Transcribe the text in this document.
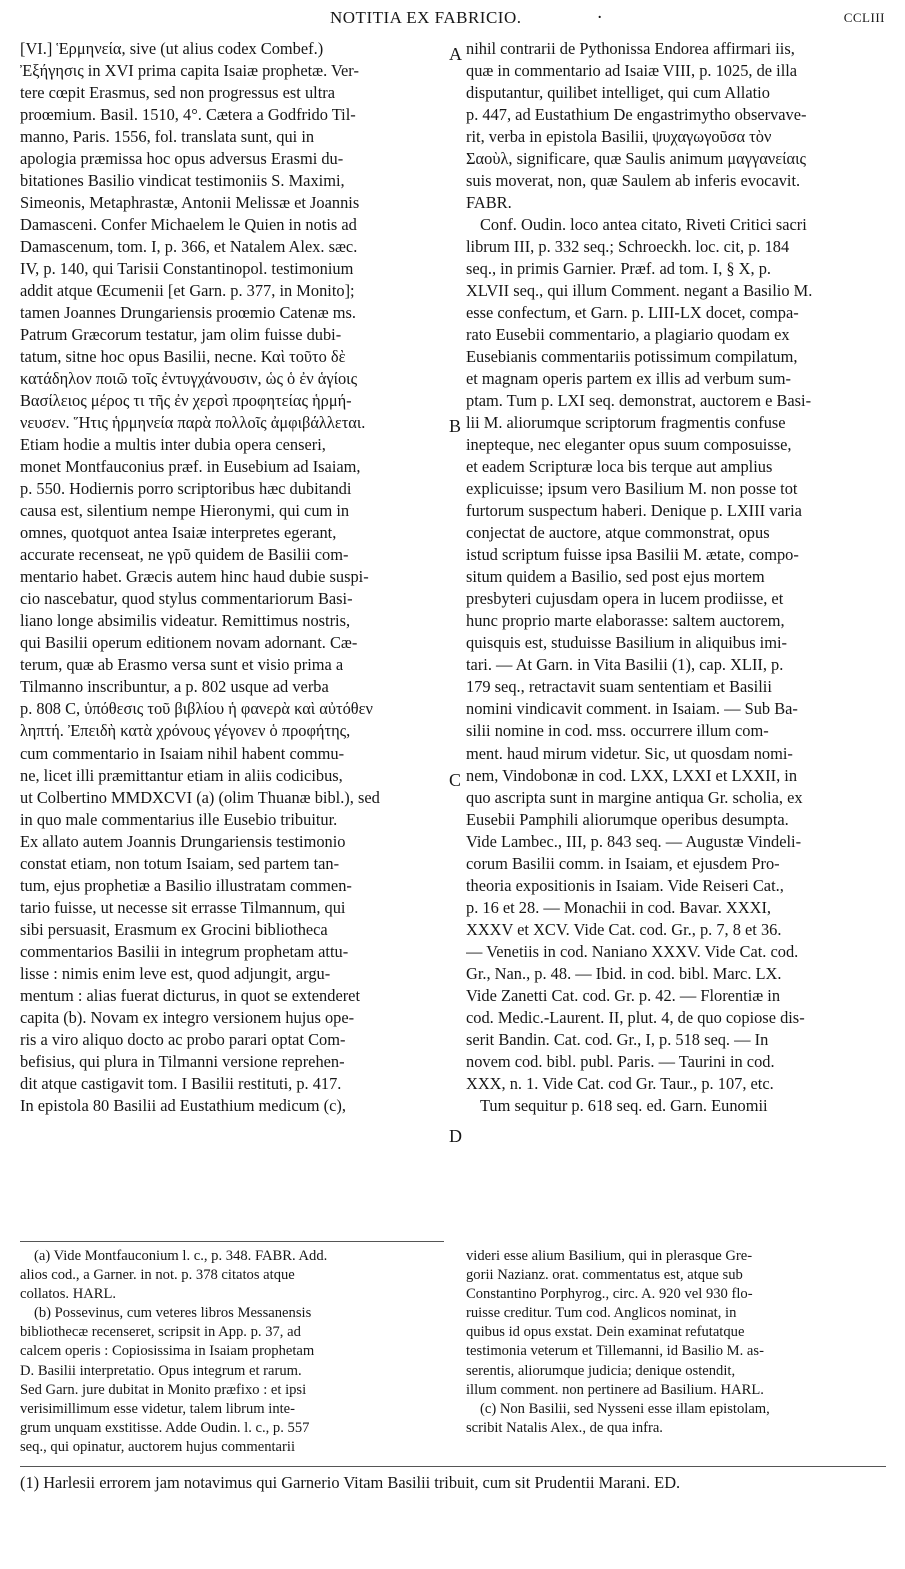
NOTITIA EX FABRICIO.	·	CCLIII
[VI.] Ἑρμηνεία, sive (ut alius codex Combef.)
Ἐξήγησις in XVI prima capita Isaiæ prophetæ. Ver-
tere cœpit Erasmus, sed non progressus est ultra
proœmium. Basil. 1510, 4°. Cætera a Godfrido Til-
manno, Paris. 1556, fol. translata sunt, qui in
apologia præmissa hoc opus adversus Erasmi du-
bitationes Basilio vindicat testimoniis S. Maximi,
Simeonis, Metaphrastæ, Antonii Melissæ et Joannis
Damasceni. Confer Michaelem le Quien in notis ad
Damascenum, tom. I, p. 366, et Natalem Alex. sæc.
IV, p. 140, qui Tarisii Constantinopol. testimonium
addit atque Œcumenii [et Garn. p. 377, in Monito];
tamen Joannes Drungariensis proœmio Catenæ ms.
Patrum Græcorum testatur, jam olim fuisse dubi-
tatum, sitne hoc opus Basilii, necne. Καὶ τοῦτο δὲ
κατάδηλον ποιῶ τοῖς ἐντυγχάνουσιν, ὡς ὁ ἐν ἁγίοις
Βασίλειος μέρος τι τῆς ἐν χερσὶ προφητείας ἡρμή-
νευσεν. Ἥτις ἡρμηνεία παρὰ πολλοῖς ἀμφιβάλλεται.
Etiam hodie a multis inter dubia opera censeri,
monet Montfauconius præf. in Eusebium ad Isaiam,
p. 550. Hodiernis porro scriptoribus hæc dubitandi
causa est, silentium nempe Hieronymi, qui cum in
omnes, quotquot antea Isaiæ interpretes egerant,
accurate recenseat, ne γρῦ quidem de Basilii com-
mentario habet. Græcis autem hinc haud dubie suspi-
cio nascebatur, quod stylus commentariorum Basi-
liano longe absimilis videatur. Remittimus nostris,
qui Basilii operum editionem novam adornant. Cæ-
terum, quæ ab Erasmo versa sunt et visio prima a
Tilmanno inscribuntur, a p. 802 usque ad verba
p. 808 C, ὑπόθεσις τοῦ βιβλίου ἡ φανερὰ καὶ αὐτόθεν
ληπτή. Ἐπειδὴ κατὰ χρόνους γέγονεν ὁ προφήτης,
cum commentario in Isaiam nihil habent commu-
ne, licet illi præmittantur etiam in aliis codicibus,
ut Colbertino MMDXCVI (a) (olim Thuanæ bibl.), sed
in quo male commentarius ille Eusebio tribuitur.
Ex allato autem Joannis Drungariensis testimonio
constat etiam, non totum Isaiam, sed partem tan-
tum, ejus prophetiæ a Basilio illustratam commen-
tario fuisse, ut necesse sit errasse Tilmannum, qui
sibi persuasit, Erasmum ex Grocini bibliotheca
commentarios Basilii in integrum prophetam attu-
lisse : nimis enim leve est, quod adjungit, argu-
mentum : alias fuerat dicturus, in quot se extenderet
capita (b). Novam ex integro versionem hujus ope-
ris a viro aliquo docto ac probo parari optat Com-
befisius, qui plura in Tilmanni versione reprehen-
dit atque castigavit tom. I Basilii restituti, p. 417.
In epistola 80 Basilii ad Eustathium medicum (c),
nihil contrarii de Pythonissa Endorea affirmari iis,
quæ in commentario ad Isaiæ VIII, p. 1025, de illa
disputantur, quilibet intelliget, qui cum Allatio
p. 447, ad Eustathium De engastrimytho observave-
rit, verba in epistola Basilii, ψυχαγωγοῦσα τὸν
Σαοὺλ, significare, quæ Saulis animum μαγγανείαις
suis moverat, non, quæ Saulem ab inferis evocavit.
FABR.
Conf. Oudin. loco antea citato, Riveti Critici sacri
librum III, p. 332 seq.; Schroeckh. loc. cit, p. 184
seq., in primis Garnier. Præf. ad tom. I, § X, p.
XLVII seq., qui illum Comment. negant a Basilio M.
esse confectum, et Garn. p. LIII-LX docet, compa-
rato Eusebii commentario, a plagiario quodam ex
Eusebianis commentariis potissimum compilatum,
et magnam operis partem ex illis ad verbum sum-
ptam. Tum p. LXI seq. demonstrat, auctorem e Basi-
lii M. aliorumque scriptorum fragmentis confuse
inepteque, nec eleganter opus suum composuisse,
et eadem Scripturæ loca bis terque aut amplius
explicuisse; ipsum vero Basilium M. non posse tot
furtorum suspectum haberi. Denique p. LXIII varia
conjectat de auctore, atque commonstrat, opus
istud scriptum fuisse ipsa Basilii M. ætate, compo-
situm quidem a Basilio, sed post ejus mortem
presbyteri cujusdam opera in lucem prodiisse, et
hunc proprio marte elaborasse: saltem auctorem,
quisquis est, studuisse Basilium in aliquibus imi-
tari. — At Garn. in Vita Basilii (1), cap. XLII, p.
179 seq., retractavit suam sententiam et Basilii
nomini vindicavit comment. in Isaiam. — Sub Ba-
silii nomine in cod. mss. occurrere illum com-
ment. haud mirum videtur. Sic, ut quosdam nomi-
nem, Vindobonæ in cod. LXX, LXXI et LXXII, in
quo ascripta sunt in margine antiqua Gr. scholia, ex
Eusebii Pamphili aliorumque operibus desumpta.
Vide Lambec., III, p. 843 seq. — Augustæ Vindeli-
corum Basilii comm. in Isaiam, et ejusdem Pro-
theoria expositionis in Isaiam. Vide Reiseri Cat.,
p. 16 et 28. — Monachii in cod. Bavar. XXXI,
XXXV et XCV. Vide Cat. cod. Gr., p. 7, 8 et 36.
— Venetiis in cod. Naniano XXXV. Vide Cat. cod.
Gr., Nan., p. 48. — Ibid. in cod. bibl. Marc. LX.
Vide Zanetti Cat. cod. Gr. p. 42. — Florentiæ in
cod. Medic.-Laurent. II, plut. 4, de quo copiose dis-
serit Bandin. Cat. cod. Gr., I, p. 518 seq. — In
novem cod. bibl. publ. Paris. — Taurini in cod.
XXX, n. 1. Vide Cat. cod Gr. Taur., p. 107, etc.
Tum sequitur p. 618 seq. ed. Garn. Eunomii
A
B
C
D
(a) Vide Montfauconium l. c., p. 348. FABR. Add.
alios cod., a Garner. in not. p. 378 citatos atque
collatos. HARL.
(b) Possevinus, cum veteres libros Messanensis
bibliothecæ recenseret, scripsit in App. p. 37, ad
calcem operis : Copiosissima in Isaiam prophetam
D. Basilii interpretatio. Opus integrum et rarum.
Sed Garn. jure dubitat in Monito præfixo : et ipsi
verisimillimum esse videtur, talem librum inte-
grum unquam exstitisse. Adde Oudin. l. c., p. 557
seq., qui opinatur, auctorem hujus commentarii
videri esse alium Basilium, qui in plerasque Gre-
gorii Nazianz. orat. commentatus est, atque sub
Constantino Porphyrog., circ. A. 920 vel 930 flo-
ruisse creditur. Tum cod. Anglicos nominat, in
quibus id opus exstat. Dein examinat refutatque
testimonia veterum et Tillemanni, id Basilio M. as-
serentis, aliorumque judicia; denique ostendit,
illum comment. non pertinere ad Basilium. HARL.
(c) Non Basilii, sed Nysseni esse illam epistolam,
scribit Natalis Alex., de qua infra.
(1) Harlesii errorem jam notavimus qui Garnerio Vitam Basilii tribuit, cum sit Prudentii Marani. ED.
